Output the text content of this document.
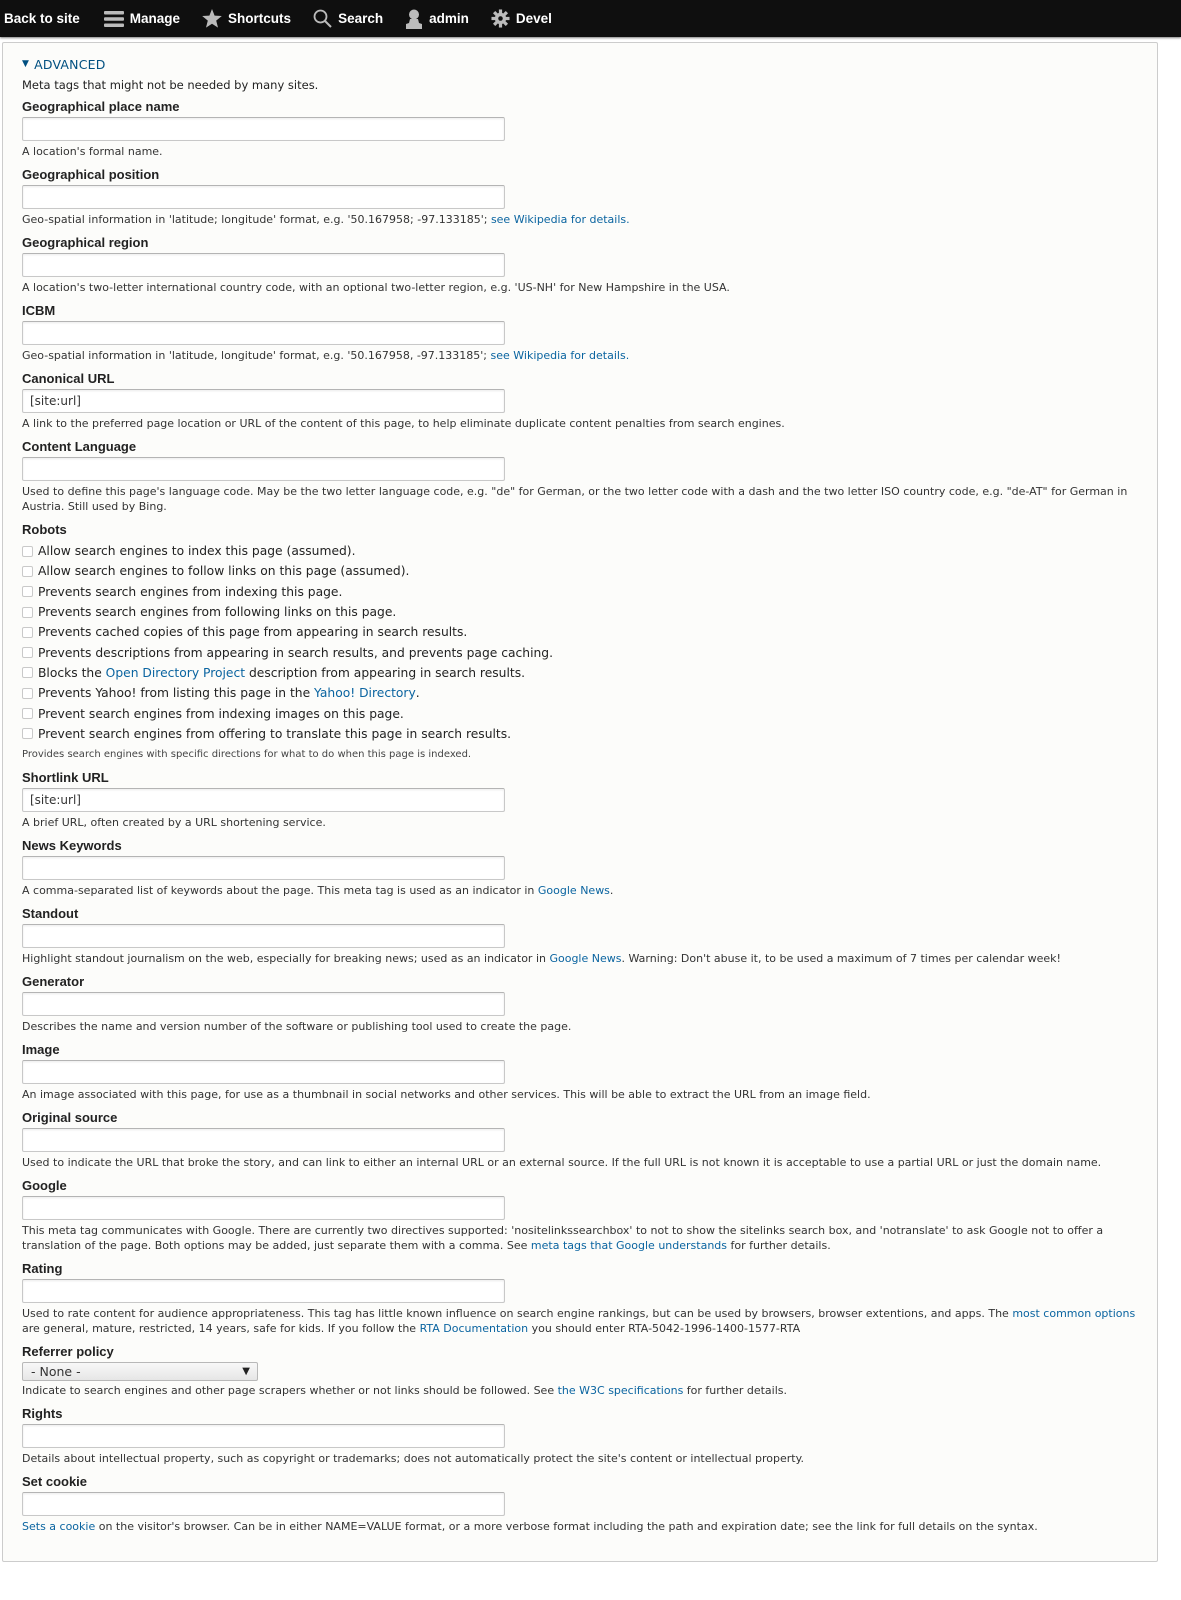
Back to site	Manage	Shortcuts	Search	admin	Devel
▼ ADVANCED
Meta tags that might not be needed by many sites.
Geographical place name
A location's formal name.
Geographical position
Geo-spatial information in 'latitude; longitude' format, e.g. '50.167958; -97.133185'; see Wikipedia for details.
Geographical region
A location's two-letter international country code, with an optional two-letter region, e.g. 'US-NH' for New Hampshire in the USA.
ICBM
Geo-spatial information in 'latitude, longitude' format, e.g. '50.167958, -97.133185'; see Wikipedia for details.
Canonical URL
[site:url]
A link to the preferred page location or URL of the content of this page, to help eliminate duplicate content penalties from search engines.
Content Language
Used to define this page's language code. May be the two letter language code, e.g. "de" for German, or the two letter code with a dash and the two letter ISO country code, e.g. "de-AT" for German in Austria. Still used by Bing.
Robots
Allow search engines to index this page (assumed).
Allow search engines to follow links on this page (assumed).
Prevents search engines from indexing this page.
Prevents search engines from following links on this page.
Prevents cached copies of this page from appearing in search results.
Prevents descriptions from appearing in search results, and prevents page caching.
Blocks the Open Directory Project description from appearing in search results.
Prevents Yahoo! from listing this page in the Yahoo! Directory .
Prevent search engines from indexing images on this page.
Prevent search engines from offering to translate this page in search results.
Provides search engines with specific directions for what to do when this page is indexed.
Shortlink URL
[site:url]
A brief URL, often created by a URL shortening service.
News Keywords
A comma-separated list of keywords about the page. This meta tag is used as an indicator in Google News.
Standout
Highlight standout journalism on the web, especially for breaking news; used as an indicator in Google News. Warning: Don't abuse it, to be used a maximum of 7 times per calendar week!
Generator
Describes the name and version number of the software or publishing tool used to create the page.
Image
An image associated with this page, for use as a thumbnail in social networks and other services. This will be able to extract the URL from an image field.
Original source
Used to indicate the URL that broke the story, and can link to either an internal URL or an external source. If the full URL is not known it is acceptable to use a partial URL or just the domain name.
Google
This meta tag communicates with Google. There are currently two directives supported: 'nositelinkssearchbox' to not to show the sitelinks search box, and 'notranslate' to ask Google not to offer a translation of the page. Both options may be added, just separate them with a comma. See meta tags that Google understands for further details.
Rating
Used to rate content for audience appropriateness. This tag has little known influence on search engine rankings, but can be used by browsers, browser extentions, and apps. The most common options are general, mature, restricted, 14 years, safe for kids. If you follow the RTA Documentation you should enter RTA-5042-1996-1400-1577-RTA
Referrer policy
- None -	▼
Indicate to search engines and other page scrapers whether or not links should be followed. See the W3C specifications for further details.
Rights
Details about intellectual property, such as copyright or trademarks; does not automatically protect the site's content or intellectual property.
Set cookie
Sets a cookie on the visitor's browser. Can be in either NAME=VALUE format, or a more verbose format including the path and expiration date; see the link for full details on the syntax.
